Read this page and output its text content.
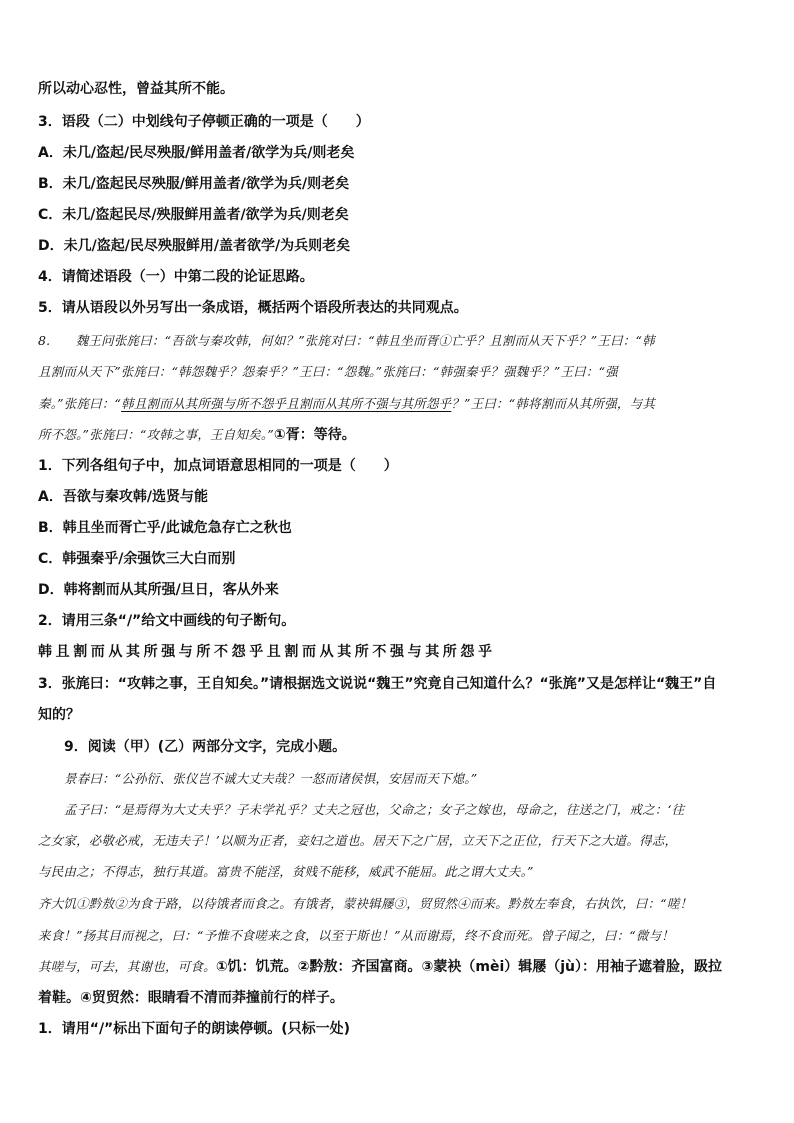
所以动心忍性，曾益其所不能。
3．语段（二）中划线句子停顿正确的一项是（　　）
A．未几/盗起/民尽殃服/鲜用盖者/欲学为兵/则老矣
B．未几/盗起民尽殃服/鲜用盖者/欲学为兵/则老矣
C．未几/盗起民尽/殃服鲜用盖者/欲学为兵/则老矣
D．未几/盗起/民尽殃服鲜用/盖者欲学/为兵则老矣
4．请简述语段（一）中第二段的论证思路。
5．请从语段以外另写出一条成语，概括两个语段所表达的共同观点。
8.　　魏王问张旄曰：“吾欲与秦攻韩，何如？”张旄对曰：“韩且坐而胥①亡乎？且割而从天下乎？”王曰：“韩
且割而从天下”张旄曰：“韩怨魏乎？怨秦乎？”王曰：“怨魏。”张旄曰：“韩强秦乎？强魏乎？”王曰：“强
秦。”张旄曰：“韩且割而从其所强与所不怨乎且割而从其所不强与其所怨乎？”王曰：“韩将割而从其所强，与其
所不怨。”张旄曰：“攻韩之事，王自知矣。”①胥：等待。
1．下列各组句子中，加点词语意思相同的一项是（　　）
A．吾欲与秦攻韩/选贤与能
B．韩且坐而胥亡乎/此诚危急存亡之秋也
C．韩强秦乎/余强饮三大白而别
D．韩将割而从其所强/旦日，客从外来
2．请用三条“/”给文中画线的句子断句。
韩且割而从其所强与所不怨乎且割而从其所不强与其所怨乎
3．张旄曰：“攻韩之事，王自知矣。”请根据选文说说“魏王”究竟自己知道什么？“张旄”又是怎样让“魏王”自
知的？
9．阅读（甲）(乙）两部分文字，完成小题。
景春曰：“公孙衍、张仪岂不诚大丈夫哉？一怒而诸侯惧，安居而天下熄。”
孟子曰：“是焉得为大丈夫乎？子未学礼乎？丈夫之冠也，父命之；女子之嫁也，母命之，往送之门，戒之：‘往
之女家，必敬必戒，无违夫子！’以顺为正者，妾妇之道也。居天下之广居，立天下之正位，行天下之大道。得志，
与民由之；不得志，独行其道。富贵不能淫，贫贱不能移，威武不能屈。此之谓大丈夫。”
齐大饥①黔敖②为食于路，以待饿者而食之。有饿者，蒙袂辑屦③，贸贸然④而来。黔敖左奉食，右执饮，曰：“嗟！
来食！”扬其目而视之，曰：“予惟不食嗟来之食，以至于斯也！”从而谢焉，终不食而死。曾子闻之，曰：“微与！
其嗟与，可去，其谢也，可食。①饥：饥荒。②黔敖：齐国富商。③蒙袂（mèi）辑屦（jù）：用袖子遮着脸，趿拉
着鞋。④贸贸然：眼睛看不清而莽撞前行的样子。
1．请用“/”标出下面句子的朗读停顿。(只标一处)
